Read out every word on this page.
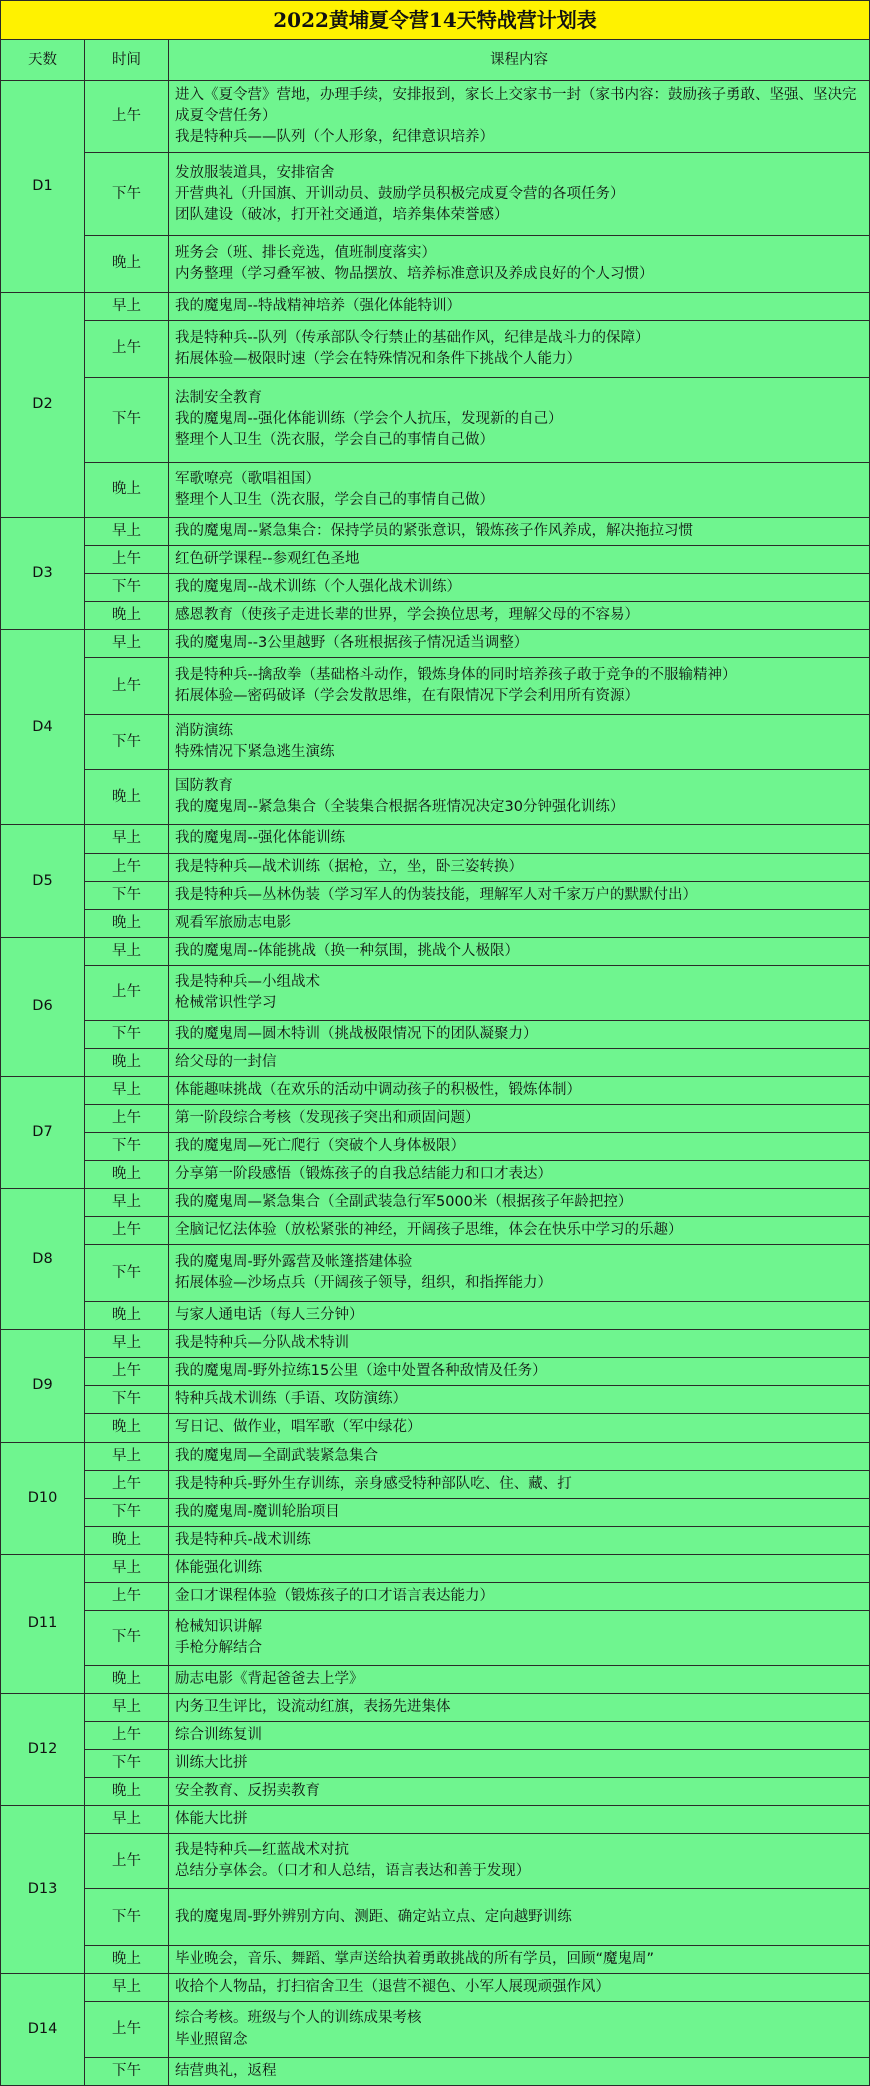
2022黄埔夏令营14天特战营计划表		
天数	时间	课程内容
D1	上午	进入《夏令营》营地，办理手续，安排报到，家长上交家书一封（家书内容：鼓励孩子勇敢、坚强、坚决完成夏令营任务）
我是特种兵——队列（个人形象，纪律意识培养）

	下午	发放服装道具，安排宿舍
开营典礼（升国旗、开训动员、鼓励学员积极完成夏令营的各项任务）
团队建设（破冰，打开社交通道，培养集体荣誉感）

	晚上	班务会（班、排长竞选，值班制度落实）
内务整理（学习叠军被、物品摆放、培养标准意识及养成良好的个人习惯）

D2	早上	我的魔鬼周--特战精神培养（强化体能特训）

	上午	我是特种兵--队列（传承部队令行禁止的基础作风，纪律是战斗力的保障）
拓展体验—极限时速（学会在特殊情况和条件下挑战个人能力）

	下午	法制安全教育
我的魔鬼周--强化体能训练（学会个人抗压，发现新的自己）
整理个人卫生（洗衣服，学会自己的事情自己做）

	晚上	军歌嘹亮（歌唱祖国）
整理个人卫生（洗衣服，学会自己的事情自己做）

D3	早上	我的魔鬼周--紧急集合：保持学员的紧张意识，锻炼孩子作风养成，解决拖拉习惯

	上午	红色研学课程--参观红色圣地

	下午	我的魔鬼周--战术训练（个人强化战术训练）

	晚上	感恩教育（使孩子走进长辈的世界，学会换位思考，理解父母的不容易）

D4	早上	我的魔鬼周--3公里越野（各班根据孩子情况适当调整）

	上午	我是特种兵--擒敌拳（基础格斗动作，锻炼身体的同时培养孩子敢于竞争的不服输精神）
拓展体验—密码破译（学会发散思维，在有限情况下学会利用所有资源）

	下午	消防演练
特殊情况下紧急逃生演练

	晚上	国防教育
我的魔鬼周--紧急集合（全装集合根据各班情况决定30分钟强化训练）

D5	早上	我的魔鬼周--强化体能训练

	上午	我是特种兵—战术训练（据枪，立，坐，卧三姿转换）

	下午	我是特种兵—丛林伪装（学习军人的伪装技能，理解军人对千家万户的默默付出）

	晚上	观看军旅励志电影

D6	早上	我的魔鬼周--体能挑战（换一种氛围，挑战个人极限）

	上午	我是特种兵—小组战术
枪械常识性学习

	下午	我的魔鬼周—圆木特训（挑战极限情况下的团队凝聚力）

	晚上	给父母的一封信

D7	早上	体能趣味挑战（在欢乐的活动中调动孩子的积极性，锻炼体制）

	上午	第一阶段综合考核（发现孩子突出和顽固问题）

	下午	我的魔鬼周—死亡爬行（突破个人身体极限）

	晚上	分享第一阶段感悟（锻炼孩子的自我总结能力和口才表达）

D8	早上	我的魔鬼周—紧急集合（全副武装急行军5000米（根据孩子年龄把控）

	上午	全脑记忆法体验（放松紧张的神经，开阔孩子思维，体会在快乐中学习的乐趣）

	下午	我的魔鬼周-野外露营及帐篷搭建体验
拓展体验—沙场点兵（开阔孩子领导，组织，和指挥能力）

	晚上	与家人通电话（每人三分钟）

D9	早上	我是特种兵—分队战术特训

	上午	我的魔鬼周-野外拉练15公里（途中处置各种敌情及任务）

	下午	特种兵战术训练（手语、攻防演练）

	晚上	写日记、做作业，唱军歌（军中绿花）

D10	早上	我的魔鬼周—全副武装紧急集合

	上午	我是特种兵-野外生存训练，亲身感受特种部队吃、住、藏、打

	下午	我的魔鬼周-魔训轮胎项目

	晚上	我是特种兵-战术训练

D11	早上	体能强化训练

	上午	金口才课程体验（锻炼孩子的口才语言表达能力）

	下午	枪械知识讲解
手枪分解结合

	晚上	励志电影《背起爸爸去上学》

D12	早上	内务卫生评比，设流动红旗，表扬先进集体

	上午	综合训练复训

	下午	训练大比拼

	晚上	安全教育、反拐卖教育

D13	早上	体能大比拼

	上午	我是特种兵—红蓝战术对抗
总结分享体会。（口才和人总结，语言表达和善于发现）

	下午	我的魔鬼周-野外辨别方向、测距、确定站立点、定向越野训练

	晚上	毕业晚会，音乐、舞蹈、掌声送给执着勇敢挑战的所有学员，回顾“魔鬼周”

D14	早上	收拾个人物品，打扫宿舍卫生（退营不褪色、小军人展现顽强作风）

	上午	综合考核。班级与个人的训练成果考核
毕业照留念

	下午	结营典礼，返程
